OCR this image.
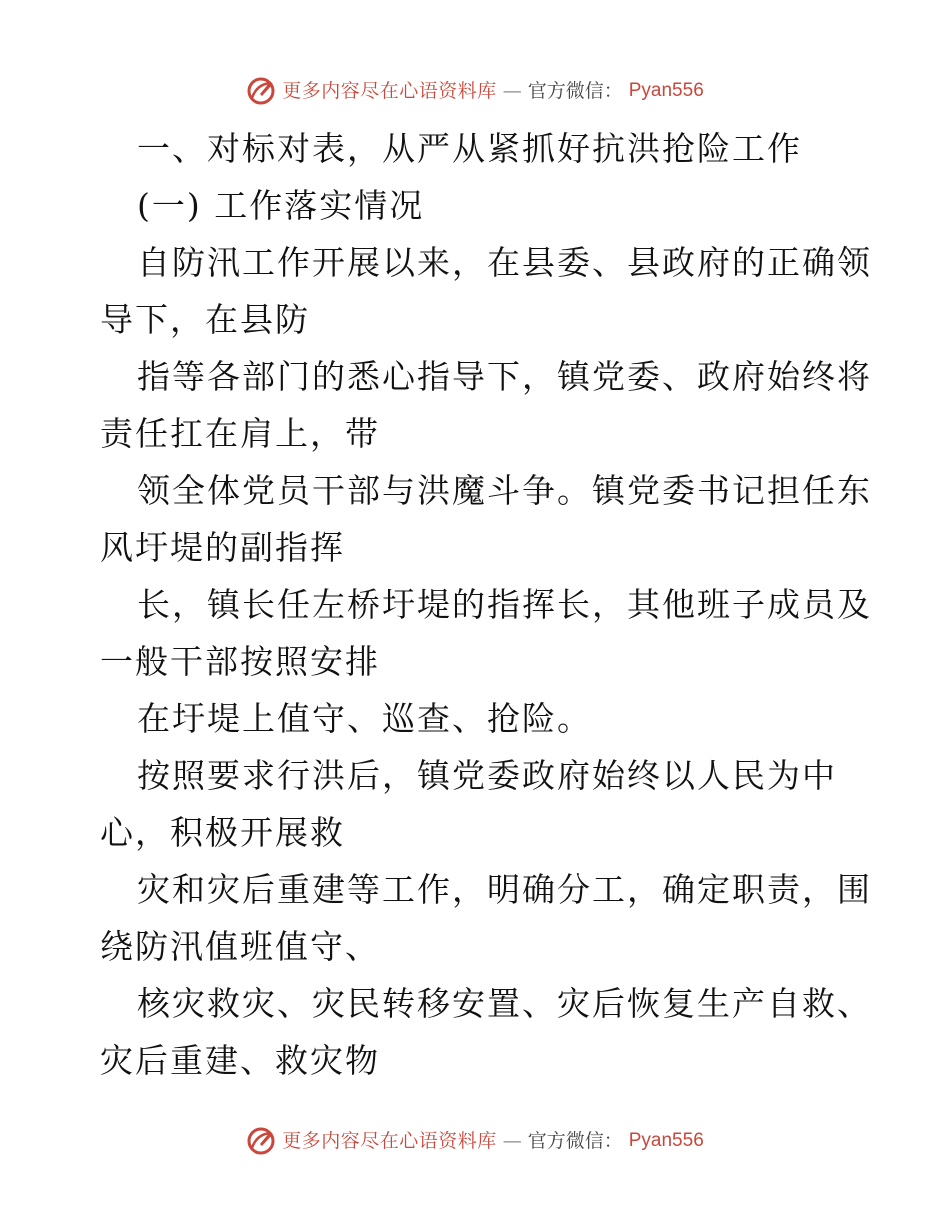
更多内容尽在心语资料库 — 官方微信： Pyan556

一、对标对表，从严从紧抓好抗洪抢险工作

(一) 工作落实情况

自防汛工作开展以来，在县委、县政府的正确领

导下，在县防

指等各部门的悉心指导下，镇党委、政府始终将

责任扛在肩上，带

领全体党员干部与洪魔斗争。镇党委书记担任东

风圩堤的副指挥

长，镇长任左桥圩堤的指挥长，其他班子成员及

一般干部按照安排

在圩堤上值守、巡查、抢险。

按照要求行洪后，镇党委政府始终以人民为中

心，积极开展救

灾和灾后重建等工作，明确分工，确定职责，围

绕防汛值班值守、

核灾救灾、灾民转移安置、灾后恢复生产自救、

灾后重建、救灾物

更多内容尽在心语资料库 — 官方微信： Pyan556
